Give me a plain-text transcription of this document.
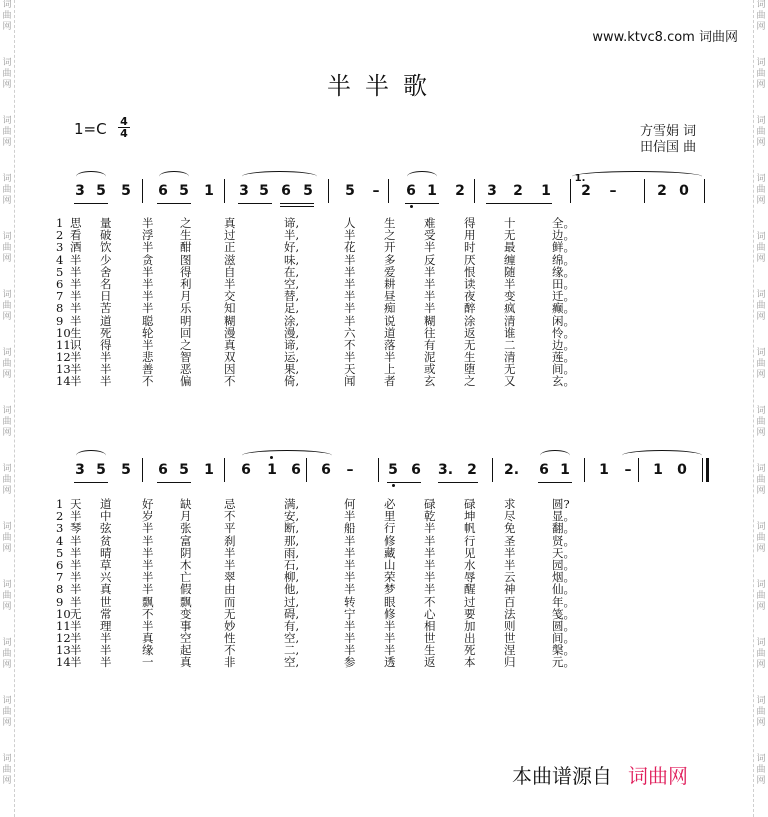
词
曲
网

词
曲
网

词
曲
网

词
曲
网

词
曲
网

词
曲
网

词
曲
网

词
曲
网

词
曲
网

词
曲
网

词
曲
网

词
曲
网

词
曲
网

词
曲
网

词
曲
网

词
曲
网

词
曲
网

词
曲
网

词
曲
网

词
曲
网

词
曲
网

词
曲
网

词
曲
网

词
曲
网

词
曲
网

词
曲
网

词
曲
网

词
曲
网

www.ktvc8.com 词曲网
半半歌
1=C 4
4	方雪娟 词
田信国 曲
3 5 5 6 5 1 3 5 6 5 5 – 6 1 2 3 2 1 2 –	2 0
1.
1 思 量	半 之	真	谛,	人 生 难 得 十	全。
2 看 破	浮 生	过	半,	半 之 受 用 无	边。
3 酒 饮	半 酣	正	好,	花 开 半 时 最	鲜。
4 半 少	贪 图	滋	味,	半 多 反 厌 缠	绵。
5 半 舍	半 得	自	在,	半 爱 半 恨 随	缘。
6 半 名	半 利	半	空,	半 耕 半 读 半	田。
7 半 日	半 月	交	替,	半 昼 半 夜 变	迁。
8 半 苦	半 乐	知	足,	半 痴 半 醉 疯	癫。
9 半 道	聪 明	糊	涂,	半 说 糊 涂 清	闲。
10 生 死	轮 回	漫	漫,	六 道 往 返 谁	怜。
11 识 得	半 之	真	谛,	不 落 有 无 二	边。
12 半 半	悲 智	双	运,	半 半 泥 生 清	莲。
13 半 半	善 恶	因	果,	天 上 或 堕 无	间。
14 半 半	不 偏	不	倚,	闻 者 玄 之 又	玄。
3 5 5 6 5 1 6 1 6 6 – 5 6 3. 2 2. 6 1 1 – 1 0
1 天 道	好 缺	忌	满,	何 必 碌 碌 求	圆?
2 半 中	岁 月	不	安,	半 里 乾 坤 尽	显。
3 琴 弦	半 张	平	断,	船 行 半 帆 免	翻。
4 半 贫	半 富	刹	那,	半 修 半 行 圣	贤。
5 半 晴	半 阴	半	雨,	半 藏 半 见 半	天。
6 半 草	半 木	半	石,	半 山 半 水 半	园。
7 半 兴	半 亡	翠	柳,	半 荣 半 辱 云	烟。
8 半 真	半 假	由	他,	半 梦 半 醒 神	仙。
9 半 世	飘 飘	而	过,	转 眼 不 过 百	年。
10 无 常	不 变	无	碍,	宁 修 心 要 法	笺。
11 半 理	半 事	妙	有,	半 半 相 加 则	圆。
12 半 半	真 空	性	空,	半 半 世 出 世	间。
13 半 半	缘 起	不	二,	半 半 生 死 涅	槃。
14 半 半	一 真	非	空,	参 透 返 本 归	元。
本曲谱源自 词曲网
